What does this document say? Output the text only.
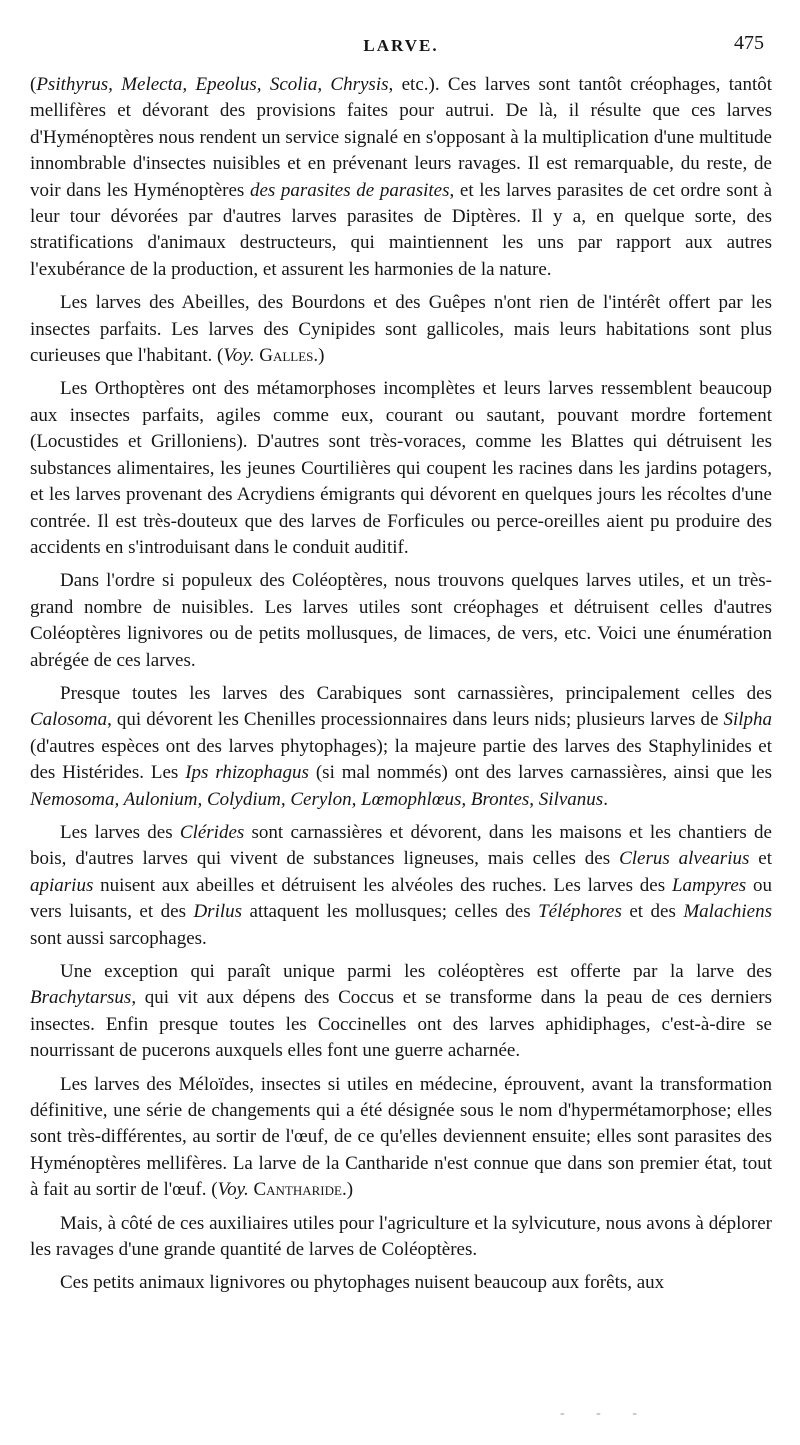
LARVE.	475

(Psithyrus, Melecta, Epeolus, Scolia, Chrysis, etc.). Ces larves sont tantôt créophages, tantôt mellifères et dévorant des provisions faites pour autrui. De là, il résulte que ces larves d'Hyménoptères nous rendent un service signalé en s'opposant à la multiplication d'une multitude innombrable d'insectes nuisibles et en prévenant leurs ravages. Il est remarquable, du reste, de voir dans les Hyménoptères des parasites de parasites, et les larves parasites de cet ordre sont à leur tour dévorées par d'autres larves parasites de Diptères. Il y a, en quelque sorte, des stratifications d'animaux destructeurs, qui maintiennent les uns par rapport aux autres l'exubérance de la production, et assurent les harmonies de la nature.

Les larves des Abeilles, des Bourdons et des Guêpes n'ont rien de l'intérêt offert par les insectes parfaits. Les larves des Cynipides sont gallicoles, mais leurs habitations sont plus curieuses que l'habitant. (Voy. Galles.)

Les Orthoptères ont des métamorphoses incomplètes et leurs larves ressemblent beaucoup aux insectes parfaits, agiles comme eux, courant ou sautant, pouvant mordre fortement (Locustides et Grilloniens). D'autres sont très-voraces, comme les Blattes qui détruisent les substances alimentaires, les jeunes Courtilières qui coupent les racines dans les jardins potagers, et les larves provenant des Acrydiens émigrants qui dévorent en quelques jours les récoltes d'une contrée. Il est très-douteux que des larves de Forficules ou perce-oreilles aient pu produire des accidents en s'introduisant dans le conduit auditif.

Dans l'ordre si populeux des Coléoptères, nous trouvons quelques larves utiles, et un très-grand nombre de nuisibles. Les larves utiles sont créophages et détruisent celles d'autres Coléoptères lignivores ou de petits mollusques, de limaces, de vers, etc. Voici une énumération abrégée de ces larves.

Presque toutes les larves des Carabiques sont carnassières, principalement celles des Calosoma, qui dévorent les Chenilles processionnaires dans leurs nids; plusieurs larves de Silpha (d'autres espèces ont des larves phytophages); la majeure partie des larves des Staphylinides et des Histérides. Les Ips rhizophagus (si mal nommés) ont des larves carnassières, ainsi que les Nemosoma, Aulonium, Colydium, Cerylon, Lœmophlœus, Brontes, Silvanus.

Les larves des Clérides sont carnassières et dévorent, dans les maisons et les chantiers de bois, d'autres larves qui vivent de substances ligneuses, mais celles des Clerus alvearius et apiarius nuisent aux abeilles et détruisent les alvéoles des ruches. Les larves des Lampyres ou vers luisants, et des Drilus attaquent les mollusques; celles des Téléphores et des Malachiens sont aussi sarcophages.

Une exception qui paraît unique parmi les coléoptères est offerte par la larve des Brachytarsus, qui vit aux dépens des Coccus et se transforme dans la peau de ces derniers insectes. Enfin presque toutes les Coccinelles ont des larves aphidiphages, c'est-à-dire se nourrissant de pucerons auxquels elles font une guerre acharnée.

Les larves des Méloïdes, insectes si utiles en médecine, éprouvent, avant la transformation définitive, une série de changements qui a été désignée sous le nom d'hypermétamorphose; elles sont très-différentes, au sortir de l'œuf, de ce qu'elles deviennent ensuite; elles sont parasites des Hyménoptères mellifères. La larve de la Cantharide n'est connue que dans son premier état, tout à fait au sortir de l'œuf. (Voy. Cantharide.)

Mais, à côté de ces auxiliaires utiles pour l'agriculture et la sylvicuture, nous avons à déplorer les ravages d'une grande quantité de larves de Coléoptères.

Ces petits animaux lignivores ou phytophages nuisent beaucoup aux forêts, aux

- - -
